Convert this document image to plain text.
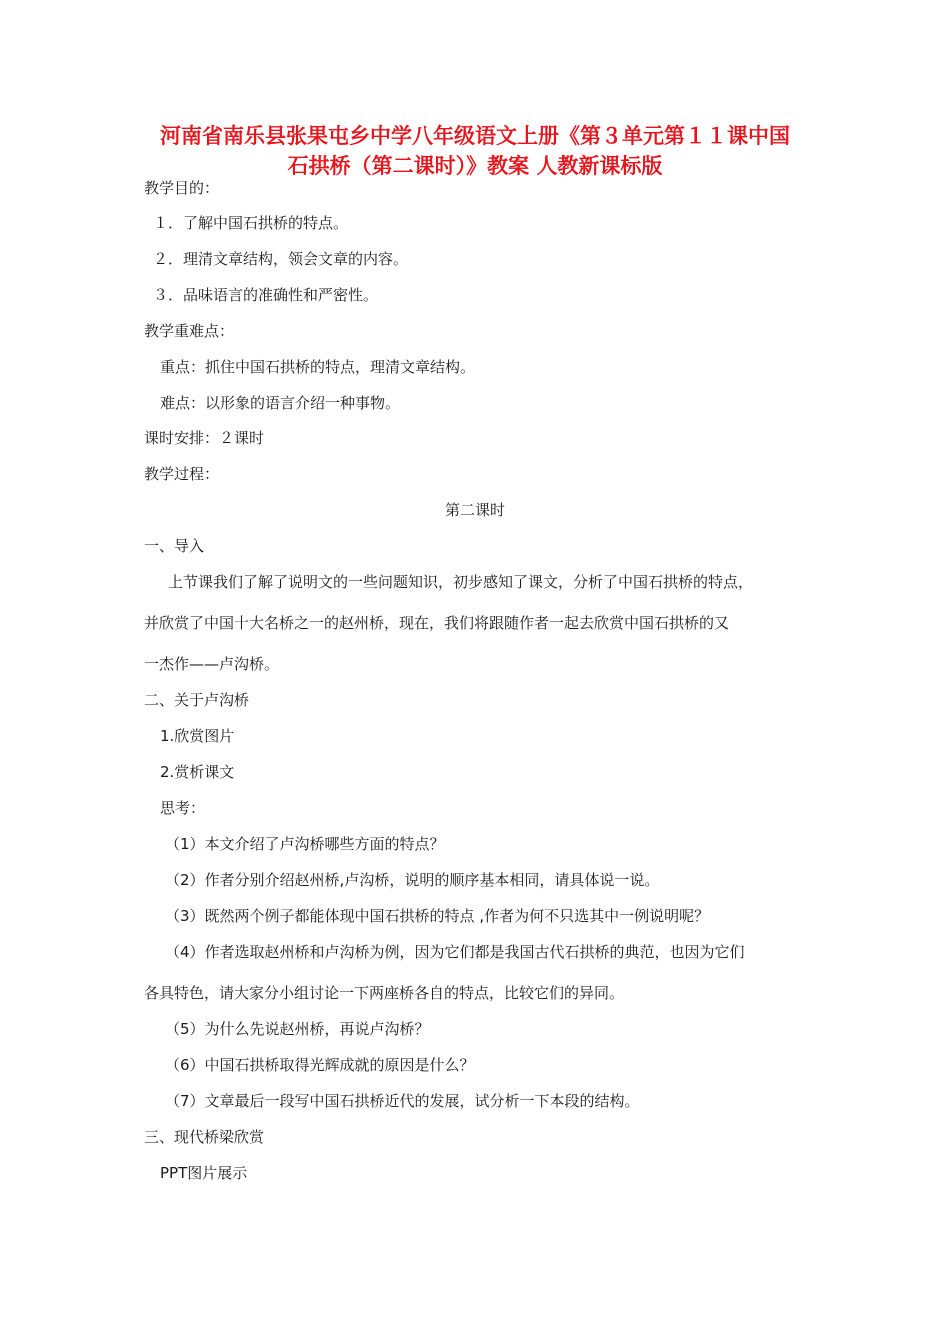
河南省南乐县张果屯乡中学八年级语文上册《第３单元第１１课中国
石拱桥（第二课时）》教案 人教新课标版
教学目的：
１．了解中国石拱桥的特点。
２．理清文章结构，领会文章的内容。
３．品味语言的准确性和严密性。
教学重难点：
重点：抓住中国石拱桥的特点，理清文章结构。
难点：以形象的语言介绍一种事物。
课时安排：２课时
教学过程：
第二课时
一、导入
上节课我们了解了说明文的一些问题知识，初步感知了课文，分析了中国石拱桥的特点，
并欣赏了中国十大名桥之一的赵州桥，现在，我们将跟随作者一起去欣赏中国石拱桥的又
一杰作——卢沟桥。
二、关于卢沟桥
1.欣赏图片
2.赏析课文
思考：
（1）本文介绍了卢沟桥哪些方面的特点？
（2）作者分别介绍赵州桥,卢沟桥，说明的顺序基本相同，请具体说一说。
（3）既然两个例子都能体现中国石拱桥的特点 ,作者为何不只选其中一例说明呢？
（4）作者选取赵州桥和卢沟桥为例，因为它们都是我国古代石拱桥的典范，也因为它们
各具特色，请大家分小组讨论一下两座桥各自的特点，比较它们的异同。
（5）为什么先说赵州桥，再说卢沟桥？
（6）中国石拱桥取得光辉成就的原因是什么？
（7）文章最后一段写中国石拱桥近代的发展，试分析一下本段的结构。
三、现代桥梁欣赏
PPT图片展示
